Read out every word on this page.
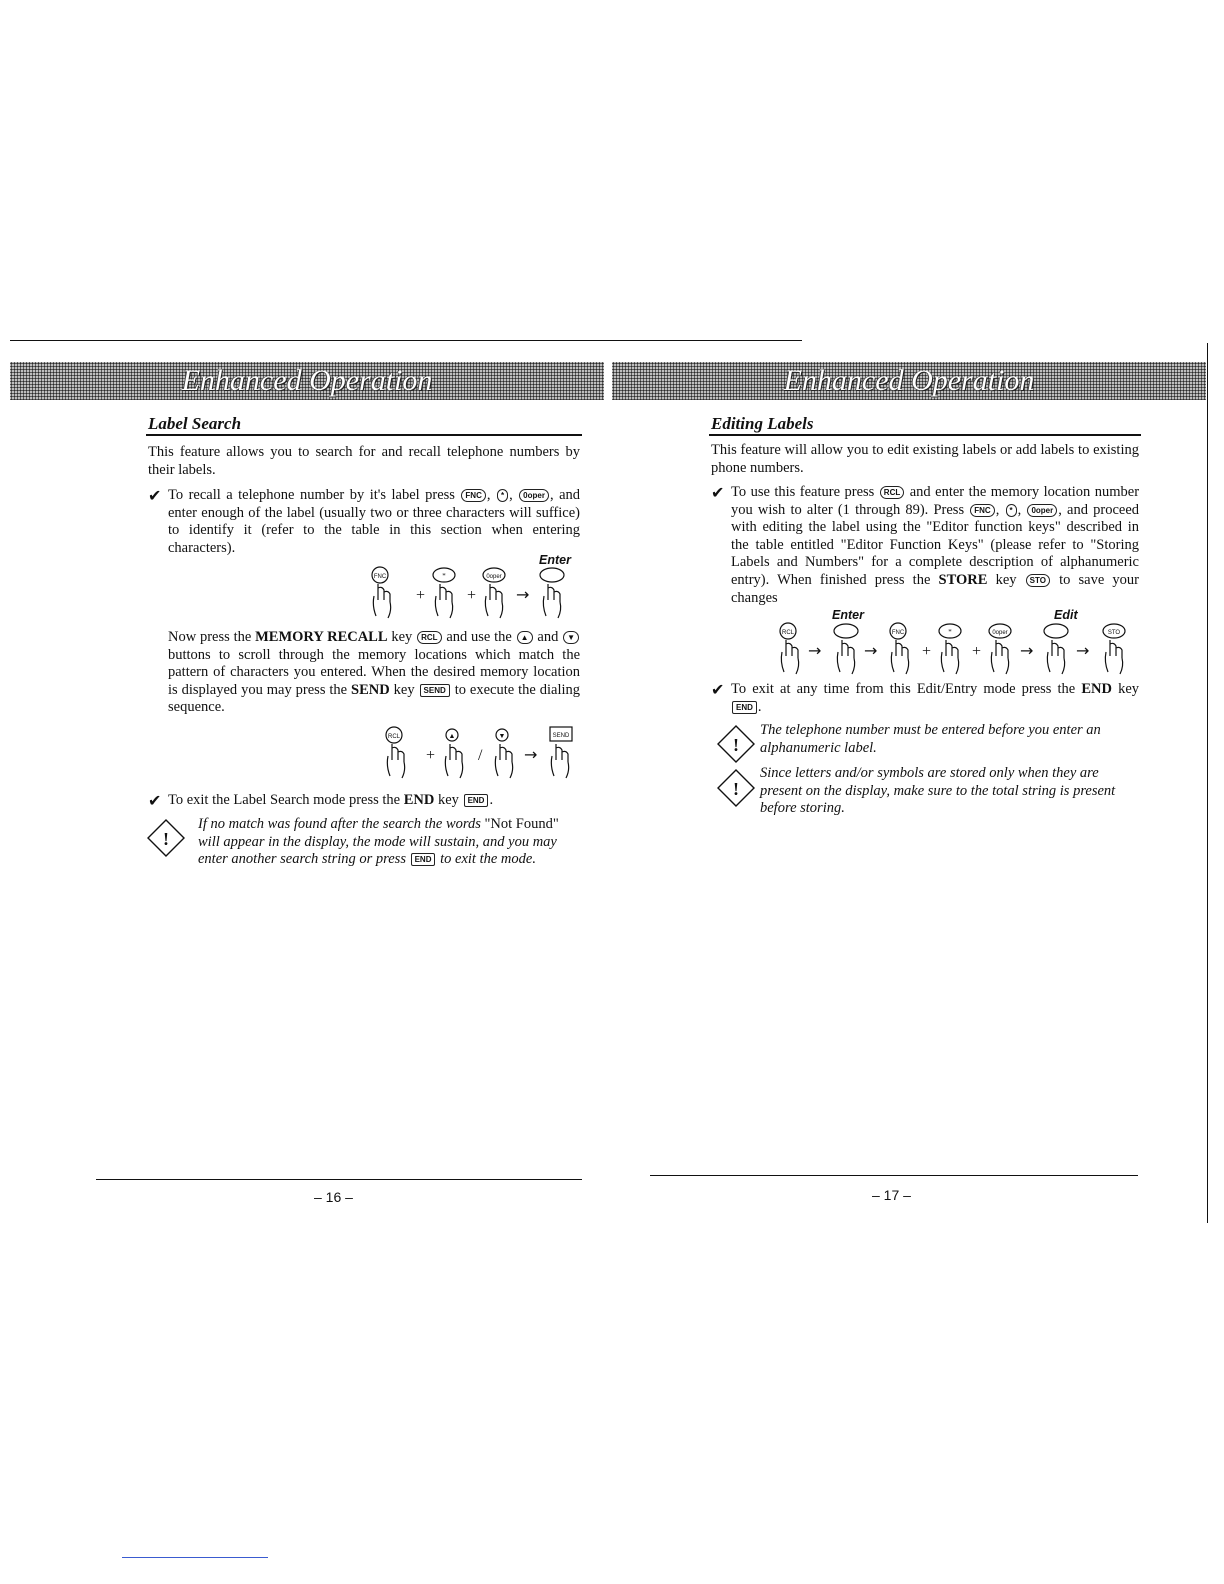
Enhanced Operation	Enhanced Operation
Label Search
This feature allows you to search for and recall telephone numbers by their labels.
✔ To recall a telephone number by it's label press FNC , * , 0oper , and enter enough of the label (usually two or three characters will suffice) to identify it (refer to the table in this section when entering characters).
Enter
FNC
+
*
+
0oper
→
Now press the MEMORY RECALL key RCL and use the ▲ and ▼ buttons to scroll through the memory locations which match the pattern of characters you entered. When the desired memory location is displayed you may press the SEND key SEND to execute the dialing sequence.
RCL
+
▲
/
▼
→
SEND
✔ To exit the Label Search mode press the END key END .
!
If no match was found after the search the words "Not Found" will appear in the display, the mode will sustain, and you may enter another search string or press END to exit the mode.
– 16 –
Editing Labels
This feature will allow you to edit existing labels or add labels to existing phone numbers.
✔ To use this feature press RCL and enter the memory location number you wish to alter (1 through 89). Press FNC , * , 0oper , and proceed with editing the label using the "Editor function keys" described in the table entitled "Editor Function Keys" (please refer to "Storing Labels and Numbers" for a complete description of alphanumeric entry). When finished press the STORE key STO to save your changes
Enter	Edit
RCL
→	→
FNC
+
*
+
0oper
→	→
STO
✔ To exit at any time from this Edit/Entry mode press the END key END .
!
The telephone number must be entered before you enter an alphanumeric label.
!
Since letters and/or symbols are stored only when they are present on the display, make sure to the total string is present before storing.
– 17 –
